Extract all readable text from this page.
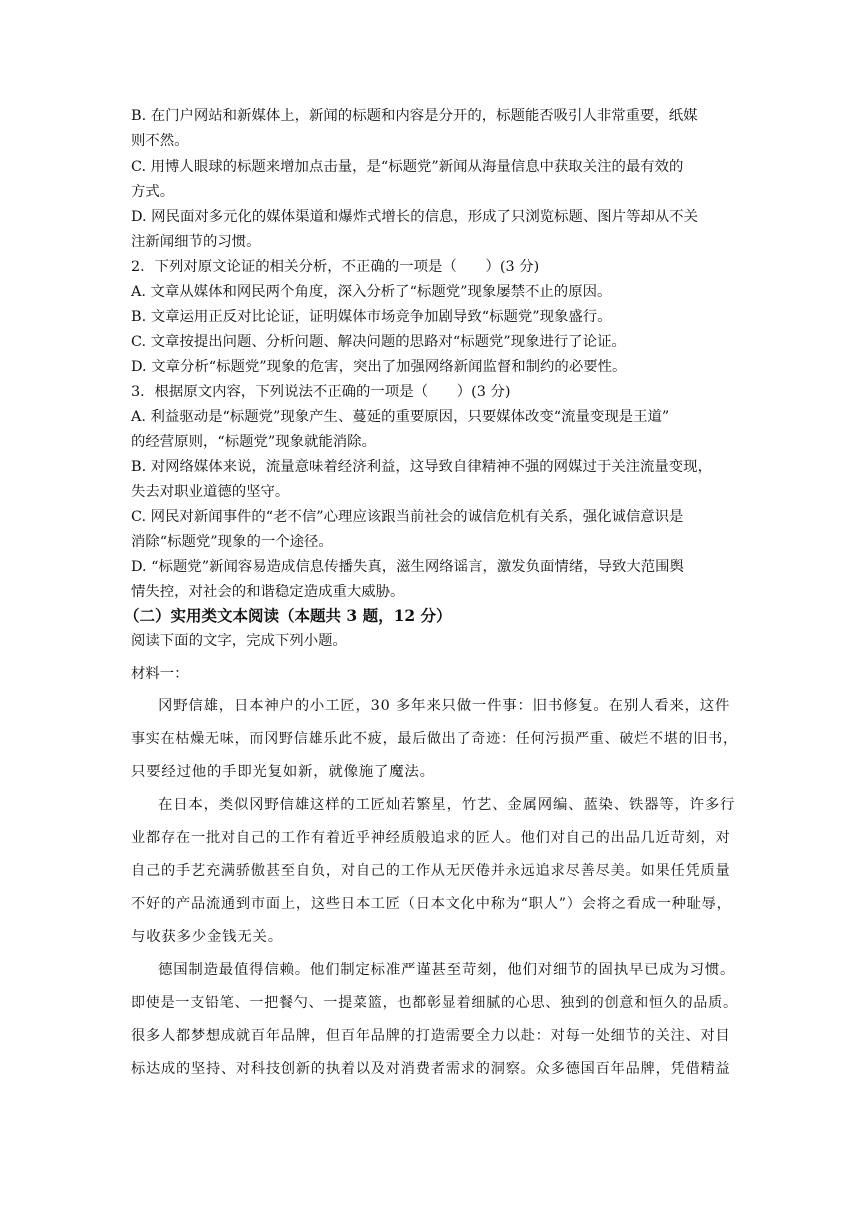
B. 在门户网站和新媒体上，新闻的标题和内容是分开的，标题能否吸引人非常重要，纸媒
则不然。
C. 用博人眼球的标题来增加点击量，是“标题党”新闻从海量信息中获取关注的最有效的
方式。
D. 网民面对多元化的媒体渠道和爆炸式增长的信息，形成了只浏览标题、图片等却从不关
注新闻细节的习惯。
2．下列对原文论证的相关分析，不正确的一项是（　　）(3 分)
A. 文章从媒体和网民两个角度，深入分析了“标题党”现象屡禁不止的原因。
B. 文章运用正反对比论证，证明媒体市场竞争加剧导致“标题党”现象盛行。
C. 文章按提出问题、分析问题、解决问题的思路对“标题党”现象进行了论证。
D. 文章分析“标题党”现象的危害，突出了加强网络新闻监督和制约的必要性。
3．根据原文内容，下列说法不正确的一项是（　　）(3 分)
A. 利益驱动是“标题党”现象产生、蔓延的重要原因，只要媒体改变“流量变现是王道”
的经营原则，“标题党”现象就能消除。
B. 对网络媒体来说，流量意味着经济利益，这导致自律精神不强的网媒过于关注流量变现，
失去对职业道德的坚守。
C. 网民对新闻事件的“老不信”心理应该跟当前社会的诚信危机有关系，强化诚信意识是
消除“标题党”现象的一个途径。
D. “标题党”新闻容易造成信息传播失真，滋生网络谣言，激发负面情绪，导致大范围舆
情失控，对社会的和谐稳定造成重大威胁。
（二）实用类文本阅读（本题共 3 题，12 分）
阅读下面的文字，完成下列小题。
材料一：
冈野信雄，日本神户的小工匠，30 多年来只做一件事：旧书修复。在别人看来，这件
事实在枯燥无味，而冈野信雄乐此不疲，最后做出了奇迹：任何污损严重、破烂不堪的旧书，
只要经过他的手即光复如新，就像施了魔法。
在日本，类似冈野信雄这样的工匠灿若繁星，竹艺、金属网编、蓝染、铁器等，许多行
业都存在一批对自己的工作有着近乎神经质般追求的匠人。他们对自己的出品几近苛刻，对
自己的手艺充满骄傲甚至自负，对自己的工作从无厌倦并永远追求尽善尽美。如果任凭质量
不好的产品流通到市面上，这些日本工匠（日本文化中称为“职人”）会将之看成一种耻辱，
与收获多少金钱无关。
德国制造最值得信赖。他们制定标准严谨甚至苛刻，他们对细节的固执早已成为习惯。
即使是一支铅笔、一把餐勺、一提菜篮，也都彰显着细腻的心思、独到的创意和恒久的品质。
很多人都梦想成就百年品牌，但百年品牌的打造需要全力以赴：对每一处细节的关注、对目
标达成的坚持、对科技创新的执着以及对消费者需求的洞察。众多德国百年品牌，凭借精益
